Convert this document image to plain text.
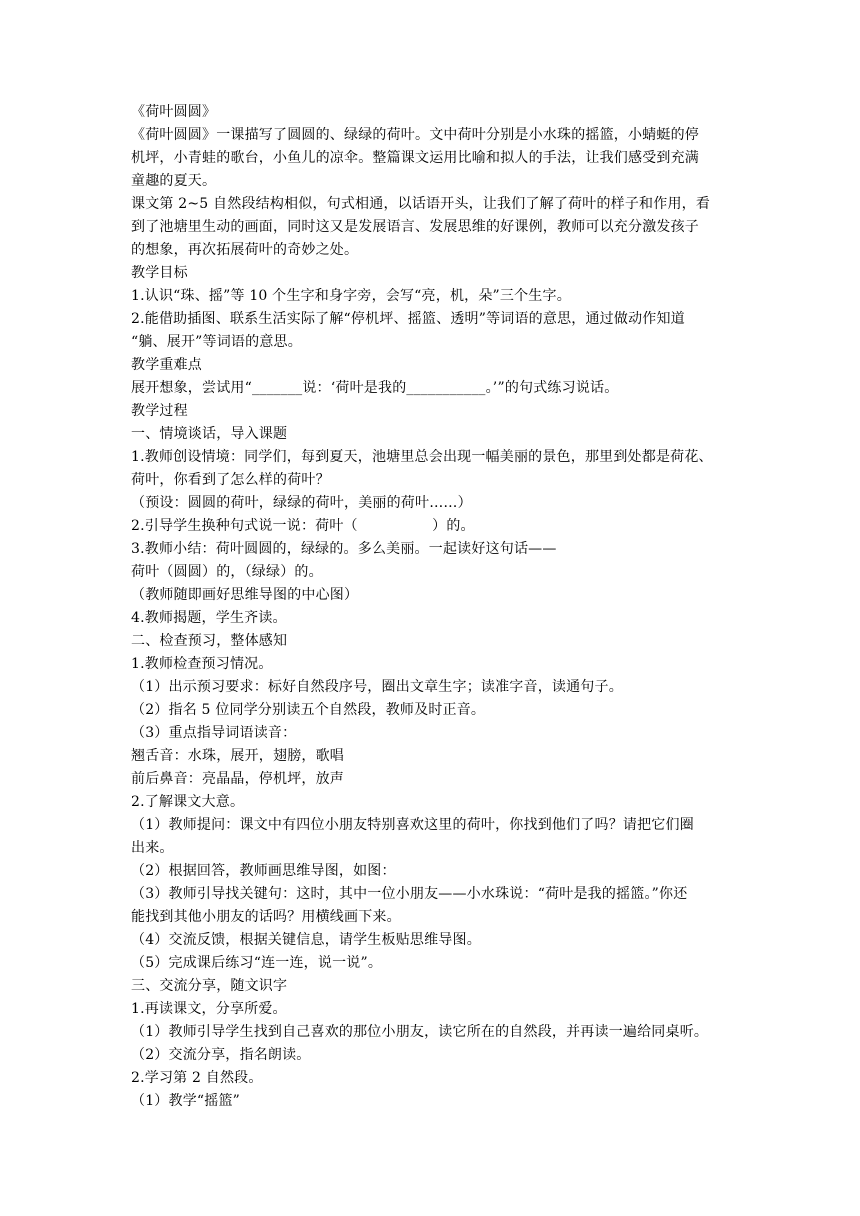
《荷叶圆圆》
《荷叶圆圆》一课描写了圆圆的、绿绿的荷叶。文中荷叶分别是小水珠的摇篮，小蜻蜓的停
机坪，小青蛙的歌台，小鱼儿的凉伞。整篇课文运用比喻和拟人的手法，让我们感受到充满
童趣的夏天。
课文第 2~5 自然段结构相似，句式相通，以话语开头，让我们了解了荷叶的样子和作用，看
到了池塘里生动的画面，同时这又是发展语言、发展思维的好课例，教师可以充分激发孩子
的想象，再次拓展荷叶的奇妙之处。
教学目标
1.认识“珠、摇”等 10 个生字和身字旁，会写“亮，机，朵”三个生字。
2.能借助插图、联系生活实际了解“停机坪、摇篮、透明”等词语的意思，通过做动作知道
“躺、展开”等词语的意思。
教学重难点
展开想象，尝试用“_______说：‘荷叶是我的___________。’”的句式练习说话。
教学过程
一、情境谈话，导入课题
1.教师创设情境：同学们，每到夏天，池塘里总会出现一幅美丽的景色，那里到处都是荷花、
荷叶，你看到了怎么样的荷叶？
（预设：圆圆的荷叶，绿绿的荷叶，美丽的荷叶……）
2.引导学生换种句式说一说：荷叶（                ）的。
3.教师小结：荷叶圆圆的，绿绿的。多么美丽。一起读好这句话——
荷叶（圆圆）的，（绿绿）的。
（教师随即画好思维导图的中心图）
4.教师揭题，学生齐读。
二、检查预习，整体感知
1.教师检查预习情况。
（1）出示预习要求：标好自然段序号，圈出文章生字；读准字音，读通句子。
（2）指名 5 位同学分别读五个自然段，教师及时正音。
（3）重点指导词语读音：
翘舌音：水珠，展开，翅膀，歌唱
前后鼻音：亮晶晶，停机坪，放声
2.了解课文大意。
（1）教师提问：课文中有四位小朋友特别喜欢这里的荷叶，你找到他们了吗？请把它们圈
出来。
（2）根据回答，教师画思维导图，如图：
（3）教师引导找关键句：这时，其中一位小朋友——小水珠说：“荷叶是我的摇篮。”你还
能找到其他小朋友的话吗？用横线画下来。
（4）交流反馈，根据关键信息，请学生板贴思维导图。
（5）完成课后练习“连一连，说一说”。
三、交流分享，随文识字
1.再读课文，分享所爱。
（1）教师引导学生找到自己喜欢的那位小朋友，读它所在的自然段，并再读一遍给同桌听。
（2）交流分享，指名朗读。
2.学习第 2 自然段。
（1）教学“摇篮”
